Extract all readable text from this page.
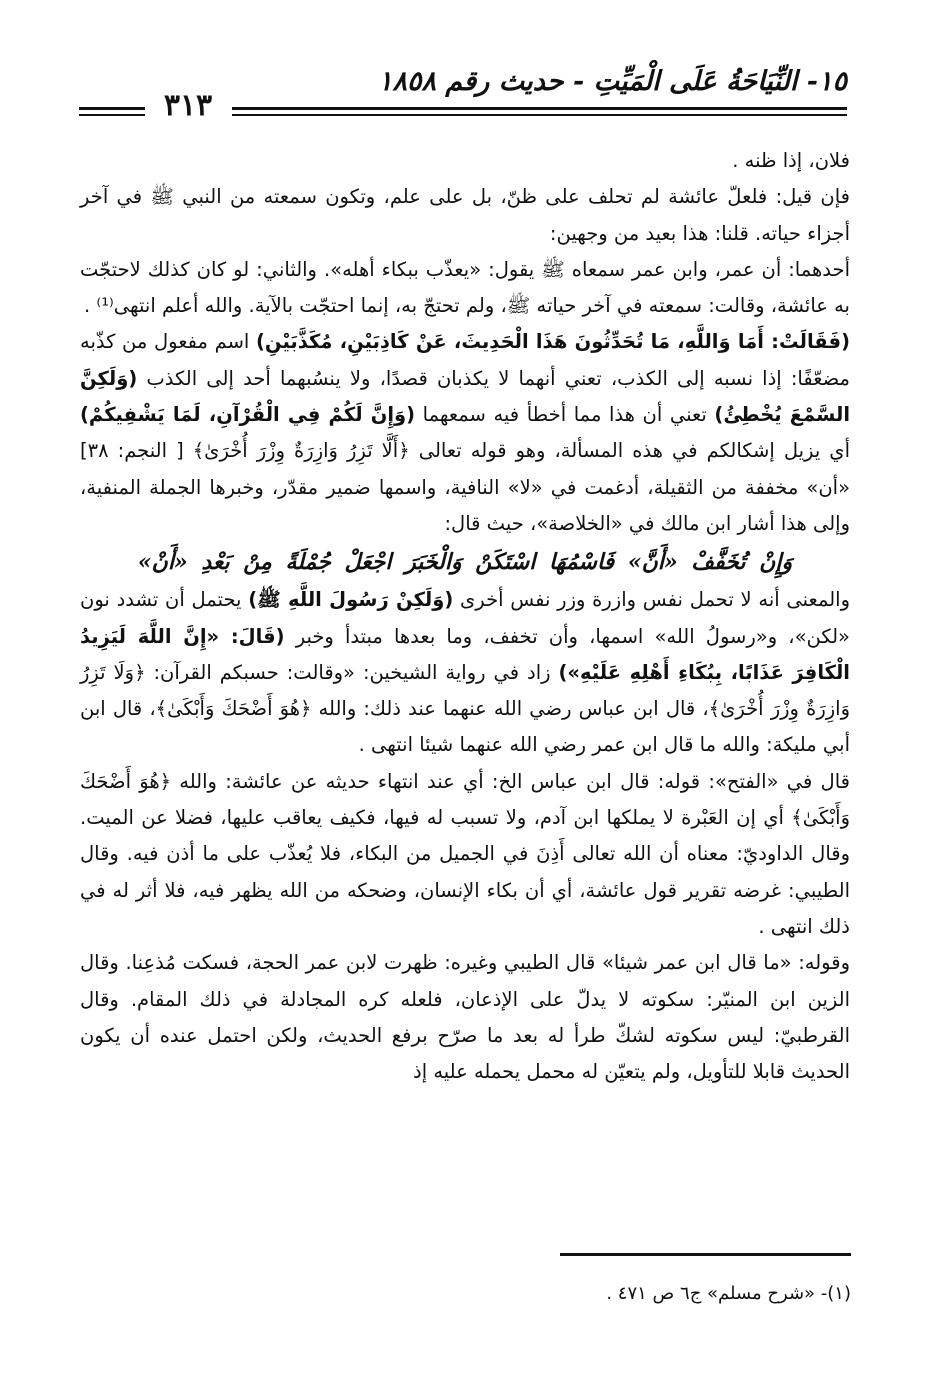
١٥- النِّيَاحَةُ عَلَى الْمَيِّتِ - حديث رقم ١٨٥٨
٣١٣

فلان، إذا ظنه .

فإن قيل: فلعلّ عائشة لم تحلف على ظنّ، بل على علم، وتكون سمعته من النبي ﷺ في آخر أجزاء حياته. قلنا: هذا بعيد من وجهين:

أحدهما: أن عمر، وابن عمر سمعاه ﷺ يقول: «يعذّب ببكاء أهله». والثاني: لو كان كذلك لاحتجّت به عائشة، وقالت: سمعته في آخر حياته ﷺ، ولم تحتجّ به، إنما احتجّت بالآية. والله أعلم انتهى⁽¹⁾ .

(فَقَالَتْ: أَمَا وَاللَّهِ، مَا تُحَدِّثُونَ هَذَا الْحَدِيثَ، عَنْ كَاذِبَيْنِ، مُكَذَّبَيْنِ) اسم مفعول من كذّبه مضعّفًا: إذا نسبه إلى الكذب، تعني أنهما لا يكذبان قصدًا، ولا ينسُبهما أحد إلى الكذب (وَلَكِنَّ السَّمْعَ يُخْطِئُ) تعني أن هذا مما أخطأ فيه سمعهما (وَإِنَّ لَكُمْ فِي الْقُرْآنِ، لَمَا يَشْفِيكُمْ) أي يزيل إشكالكم في هذه المسألة، وهو قوله تعالى ﴿أَلَّا تَزِرُ وَازِرَةٌ وِزْرَ أُخْرَىٰ﴾ [ النجم: ٣٨] «أن» مخففة من الثقيلة، أدغمت في «لا» النافية، واسمها ضمير مقدّر، وخبرها الجملة المنفية، وإلى هذا أشار ابن مالك في «الخلاصة»، حيث قال:

وَإِنْ تُخَفَّفْ «أَنَّ» فَاسْمُهَا اسْتَكَنْ وَالْخَبَرَ اجْعَلْ جُمْلَةً مِنْ بَعْدِ «أَنْ»

والمعنى أنه لا تحمل نفس وازرة وزر نفس أخرى (وَلَكِنْ رَسُولَ اللَّهِ ﷺ) يحتمل أن تشدد نون «لكن»، و«رسولُ الله» اسمها، وأن تخفف، وما بعدها مبتدأ وخبر (قَالَ: «إِنَّ اللَّهَ لَيَزِيدُ الْكَافِرَ عَذَابًا، بِبُكَاءِ أَهْلِهِ عَلَيْهِ») زاد في رواية الشيخين: «وقالت: حسبكم القرآن: ﴿وَلَا تَزِرُ وَازِرَةٌ وِزْرَ أُخْرَىٰ﴾، قال ابن عباس رضي الله عنهما عند ذلك: والله ﴿هُوَ أَضْحَكَ وَأَبْكَىٰ﴾، قال ابن أبي مليكة: والله ما قال ابن عمر رضي الله عنهما شيئا انتهى .

قال في «الفتح»: قوله: قال ابن عباس الخ: أي عند انتهاء حديثه عن عائشة: والله ﴿هُوَ أَضْحَكَ وَأَبْكَىٰ﴾ أي إن العَبْرة لا يملكها ابن آدم، ولا تسبب له فيها، فكيف يعاقب عليها، فضلا عن الميت. وقال الداوديّ: معناه أن الله تعالى أَذِنَ في الجميل من البكاء، فلا يُعذّب على ما أذن فيه. وقال الطيبي: غرضه تقرير قول عائشة، أي أن بكاء الإنسان، وضحكه من الله يظهر فيه، فلا أثر له في ذلك انتهى .

وقوله: «ما قال ابن عمر شيئا» قال الطيبي وغيره: ظهرت لابن عمر الحجة، فسكت مُذعِنا. وقال الزين ابن المنيّر: سكوته لا يدلّ على الإذعان، فلعله كره المجادلة في ذلك المقام. وقال القرطبيّ: ليس سكوته لشكّ طرأ له بعد ما صرّح برفع الحديث، ولكن احتمل عنده أن يكون الحديث قابلا للتأويل، ولم يتعيّن له محمل يحمله عليه إذ

(١)- «شرح مسلم» ج٦ ص ٤٧١ .
